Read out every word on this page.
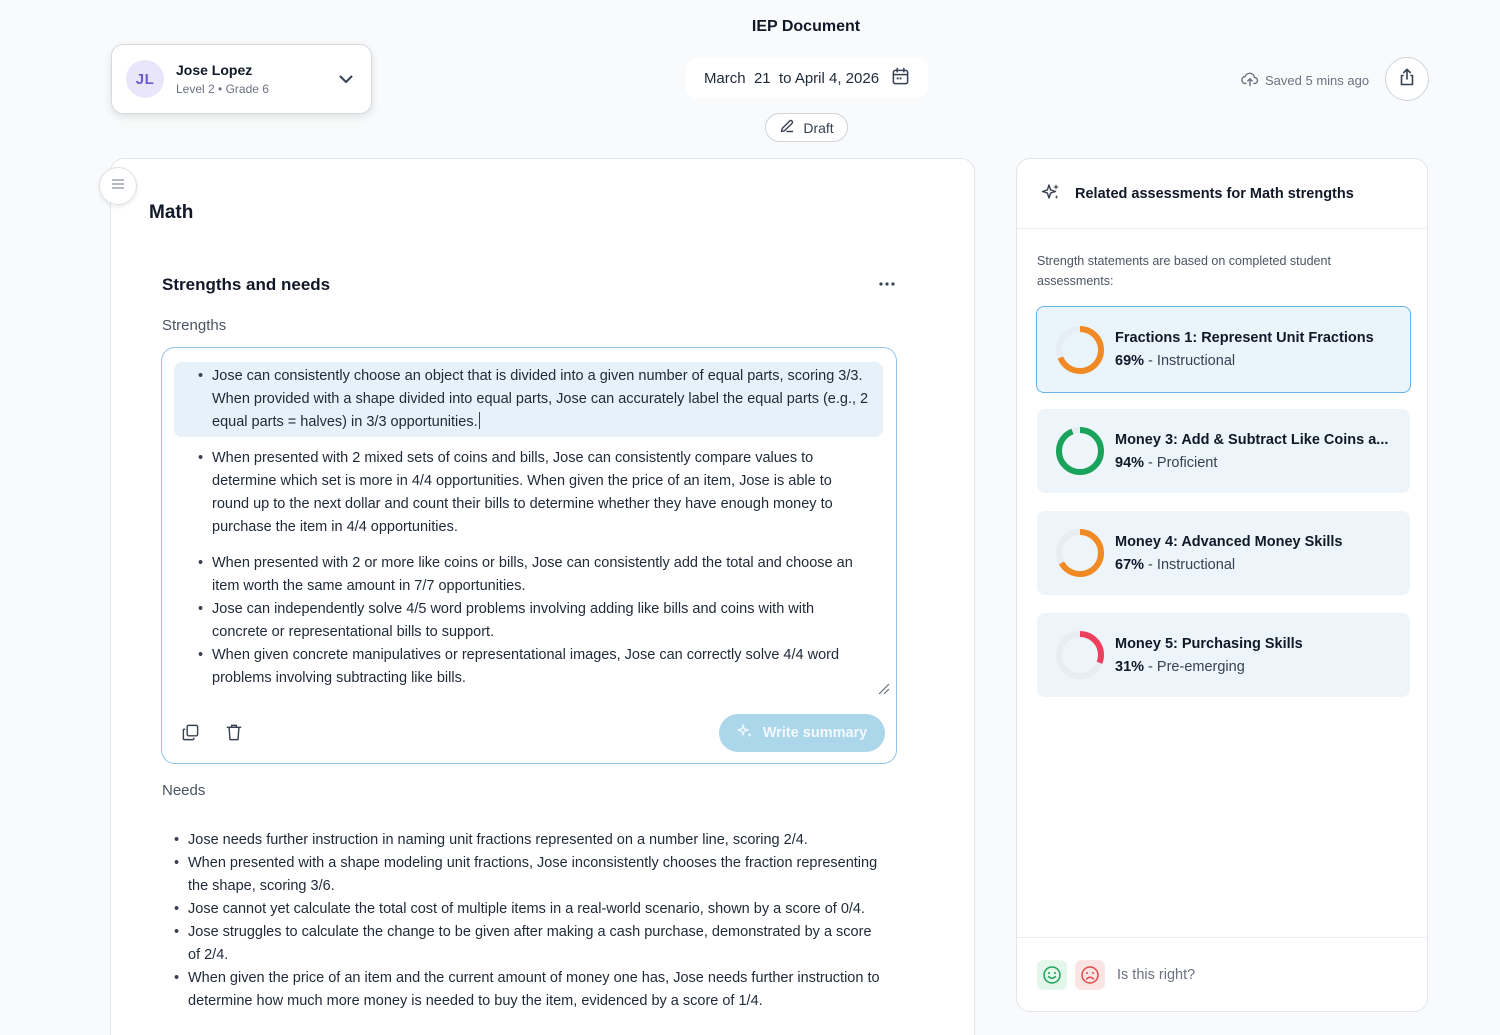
JL
Jose Lopez
Level 2 • Grade 6
IEP Document
March  21  to April 4, 2026
Draft
Saved 5 mins ago
Math
Strengths and needs
Strengths
• Jose can consistently choose an object that is divided into a given number of equal parts, scoring 3/3. When provided with a shape divided into equal parts, Jose can accurately label the equal parts (e.g., 2 equal parts = halves) in 3/3 opportunities.
• When presented with 2 mixed sets of coins and bills, Jose can consistently compare values to determine which set is more in 4/4 opportunities. When given the price of an item, Jose is able to round up to the next dollar and count their bills to determine whether they have enough money to purchase the item in 4/4 opportunities.
• When presented with 2 or more like coins or bills, Jose can consistently add the total and choose an item worth the same amount in 7/7 opportunities.
• Jose can independently solve 4/5 word problems involving adding like bills and coins with with concrete or representational bills to support.
• When given concrete manipulatives or representational images, Jose can correctly solve 4/4 word problems involving subtracting like bills.
Write summary
Needs
• Jose needs further instruction in naming unit fractions represented on a number line, scoring 2/4.
• When presented with a shape modeling unit fractions, Jose inconsistently chooses the fraction representing the shape, scoring 3/6.
• Jose cannot yet calculate the total cost of multiple items in a real-world scenario, shown by a score of 0/4.
• Jose struggles to calculate the change to be given after making a cash purchase, demonstrated by a score of 2/4.
• When given the price of an item and the current amount of money one has, Jose needs further instruction to determine how much more money is needed to buy the item, evidenced by a score of 1/4.
Related assessments for Math strengths
Strength statements are based on completed student assessments:
Fractions 1: Represent Unit Fractions
69% - Instructional
Money 3: Add & Subtract Like Coins a...
94% - Proficient
Money 4: Advanced Money Skills
67% - Instructional
Money 5: Purchasing Skills
31% - Pre-emerging
Is this right?
